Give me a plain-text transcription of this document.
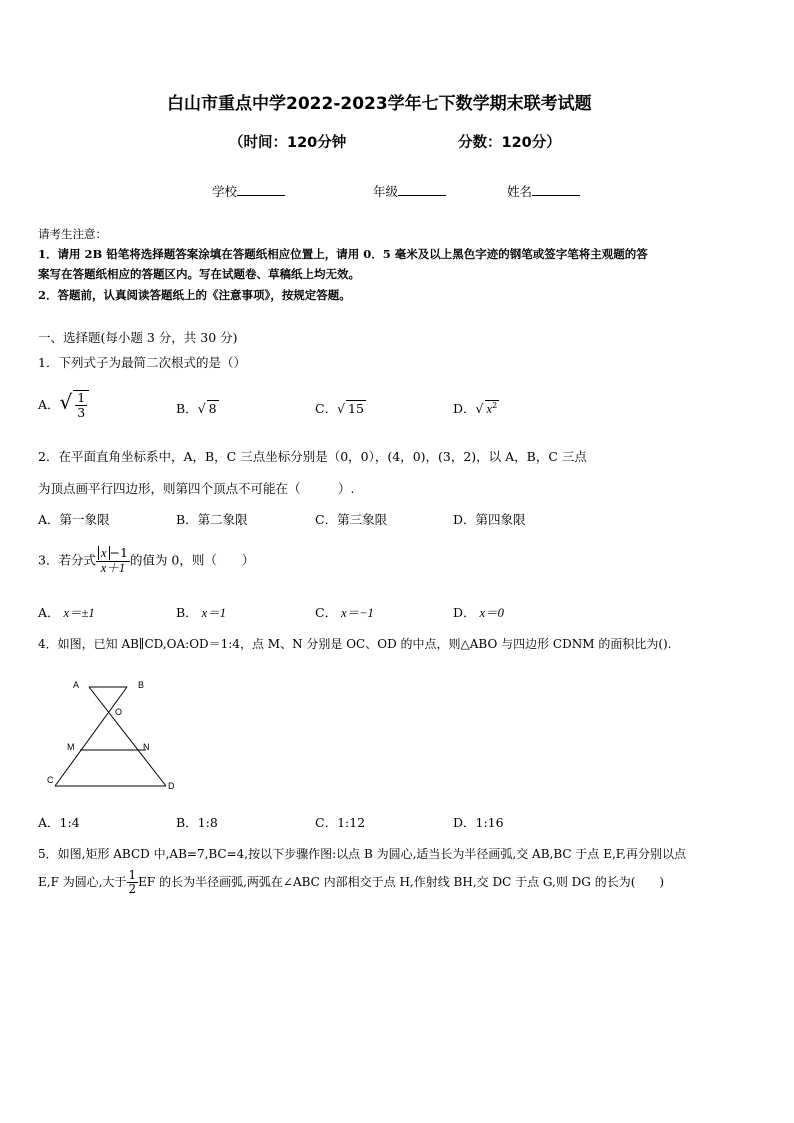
白山市重点中学2022-2023学年七下数学期末联考试题
（时间：120分钟	分数：120分）
学校	年级	姓名
请考生注意：
1．请用 2B 铅笔将选择题答案涂填在答题纸相应位置上，请用 0．5 毫米及以上黑色字迹的钢笔或签字笔将主观题的答
案写在答题纸相应的答题区内。写在试题卷、草稿纸上均无效。
2．答题前，认真阅读答题纸上的《注意事项》，按规定答题。
一、选择题(每小题 3 分，共 30 分)
1．下列式子为最简二次根式的是（）
A．√ $\frac{1}{3}$	B．√ 8	C．√ 15	D．√ $x^2$
2．在平面直角坐标系中，A，B，C 三点坐标分别是（0，0），(4，0)，(3，2)，以 A，B，C 三点
为顶点画平行四边形，则第四个顶点不可能在（　　　）.
A．第一象限	B．第二象限	C．第三象限	D．第四象限
3．若分式 $\frac{x -1}{x+1}$ 的值为 0，则（　　）
A． x＝±1	B． x＝1	C． x＝−1	D． x＝0
4．如图，已知 AB∥CD,OA:OD＝1:4，点 M、N 分别是 OC、OD 的中点，则△ABO 与四边形 CDNM 的面积比为().
A	B
O
M	N
C
D
A．1:4	B．1:8	C．1:12	D．1:16
5．如图,矩形 ABCD 中,AB=7,BC=4,按以下步骤作图:以点 B 为圆心,适当长为半径画弧,交 AB,BC 于点 E,F,再分别以点
E,F 为圆心,大于 $\frac{1}{2}$ EF 的长为半径画弧,两弧在∠ABC 内部相交于点 H,作射线 BH,交 DC 于点 G,则 DG 的长为(　　)
